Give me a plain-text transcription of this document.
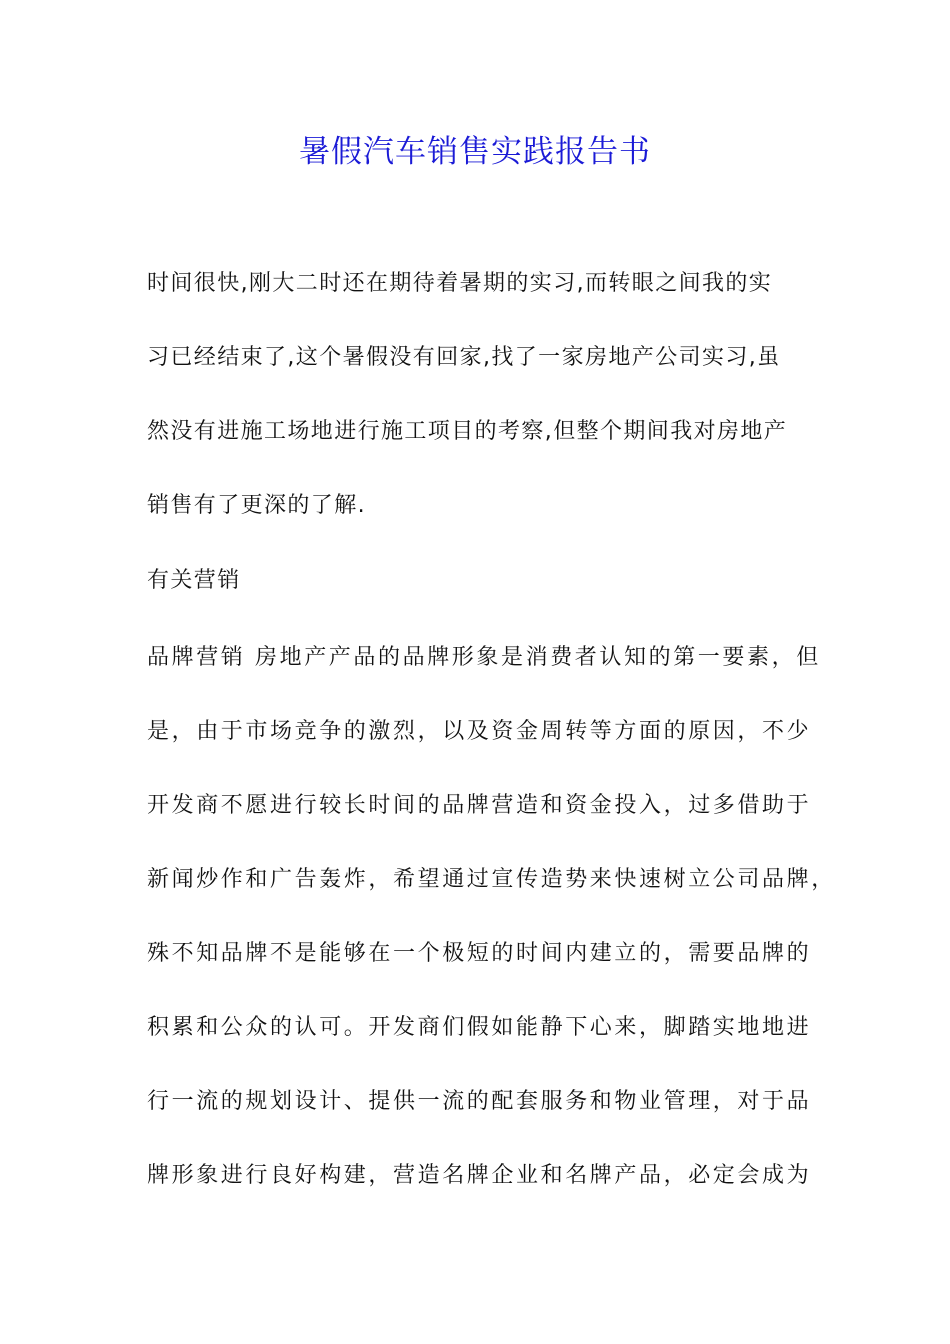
暑假汽车销售实践报告书

时间很快,刚大二时还在期待着暑期的实习,而转眼之间我的实

习已经结束了,这个暑假没有回家,找了一家房地产公司实习,虽

然没有进施工场地进行施工项目的考察,但整个期间我对房地产

销售有了更深的了解.

有关营销

品牌营销 房地产产品的品牌形象是消费者认知的第一要素，但

是，由于市场竞争的激烈，以及资金周转等方面的原因，不少

开发商不愿进行较长时间的品牌营造和资金投入，过多借助于

新闻炒作和广告轰炸，希望通过宣传造势来快速树立公司品牌，

殊不知品牌不是能够在一个极短的时间内建立的，需要品牌的

积累和公众的认可。开发商们假如能静下心来，脚踏实地地进

行一流的规划设计、提供一流的配套服务和物业管理，对于品

牌形象进行良好构建，营造名牌企业和名牌产品，必定会成为
